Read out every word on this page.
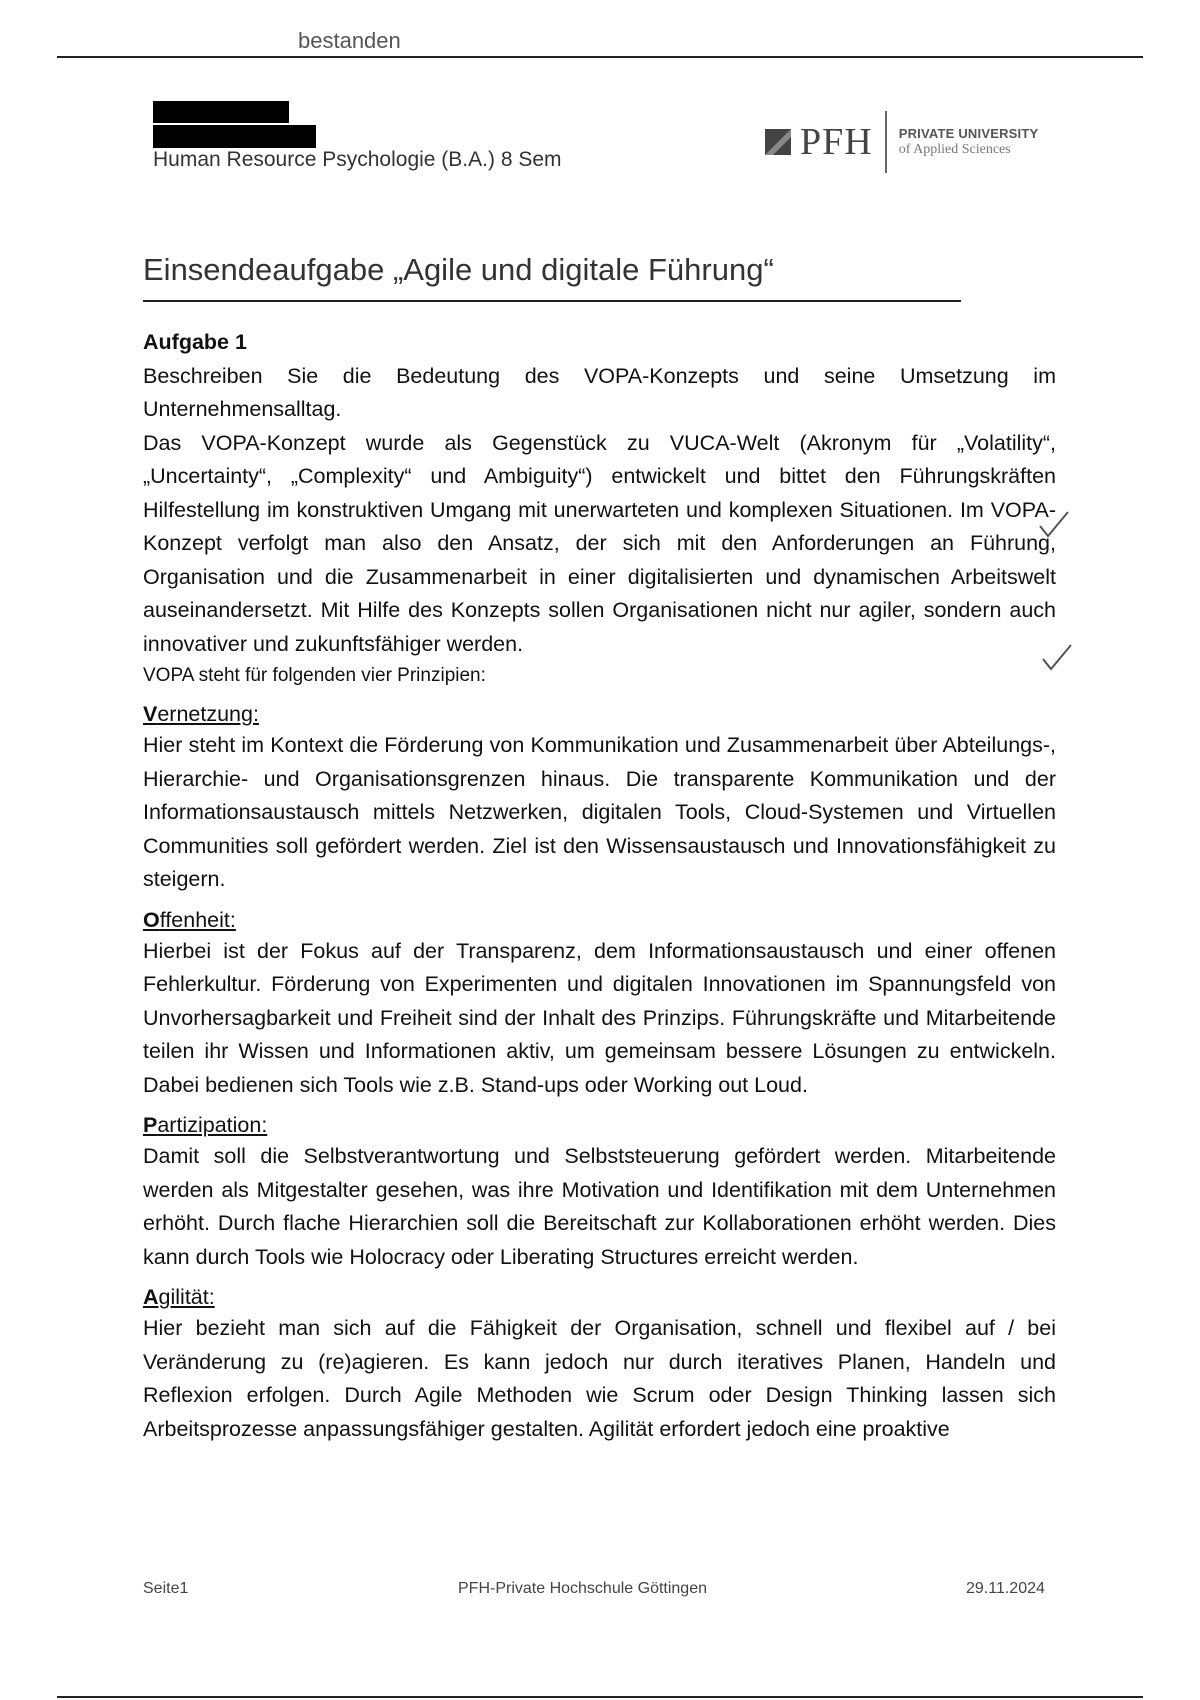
bestanden
Human Resource Psychologie (B.A.) 8 Sem	PFH PRIVATE UNIVERSITY
of Applied Sciences
Einsendeaufgabe „Agile und digitale Führung“

Aufgabe 1

Beschreiben Sie die Bedeutung des VOPA-Konzepts und seine Umsetzung im Unternehmensalltag.

Das VOPA-Konzept wurde als Gegenstück zu VUCA-Welt (Akronym für „Volatility“, „Uncertainty“, „Complexity“ und Ambiguity“) entwickelt und bittet den Führungskräften Hilfestellung im konstruktiven Umgang mit unerwarteten und komplexen Situationen. Im VOPA-Konzept verfolgt man also den Ansatz, der sich mit den Anforderungen an Führung, Organisation und die Zusammenarbeit in einer digitalisierten und dynamischen Arbeitswelt auseinandersetzt. Mit Hilfe des Konzepts sollen Organisationen nicht nur agiler, sondern auch innovativer und zukunftsfähiger werden.

VOPA steht für folgenden vier Prinzipien:

Vernetzung:

Hier steht im Kontext die Förderung von Kommunikation und Zusammenarbeit über Abteilungs-, Hierarchie- und Organisationsgrenzen hinaus. Die transparente Kommunikation und der Informationsaustausch mittels Netzwerken, digitalen Tools, Cloud-Systemen und Virtuellen Communities soll gefördert werden. Ziel ist den Wissensaustausch und Innovationsfähigkeit zu steigern.

Offenheit:

Hierbei ist der Fokus auf der Transparenz, dem Informationsaustausch und einer offenen Fehlerkultur. Förderung von Experimenten und digitalen Innovationen im Spannungsfeld von Unvorhersagbarkeit und Freiheit sind der Inhalt des Prinzips. Führungskräfte und Mitarbeitende teilen ihr Wissen und Informationen aktiv, um gemeinsam bessere Lösungen zu entwickeln. Dabei bedienen sich Tools wie z.B. Stand-ups oder Working out Loud.

Partizipation:

Damit soll die Selbstverantwortung und Selbststeuerung gefördert werden. Mitarbeitende werden als Mitgestalter gesehen, was ihre Motivation und Identifikation mit dem Unternehmen erhöht. Durch flache Hierarchien soll die Bereitschaft zur Kollaborationen erhöht werden. Dies kann durch Tools wie Holocracy oder Liberating Structures erreicht werden.

Agilität:

Hier bezieht man sich auf die Fähigkeit der Organisation, schnell und flexibel auf / bei Veränderung zu (re)agieren. Es kann jedoch nur durch iteratives Planen, Handeln und Reflexion erfolgen. Durch Agile Methoden wie Scrum oder Design Thinking lassen sich Arbeitsprozesse anpassungsfähiger gestalten. Agilität erfordert jedoch eine proaktive

Seite1	PFH-Private Hochschule Göttingen	29.11.2024
